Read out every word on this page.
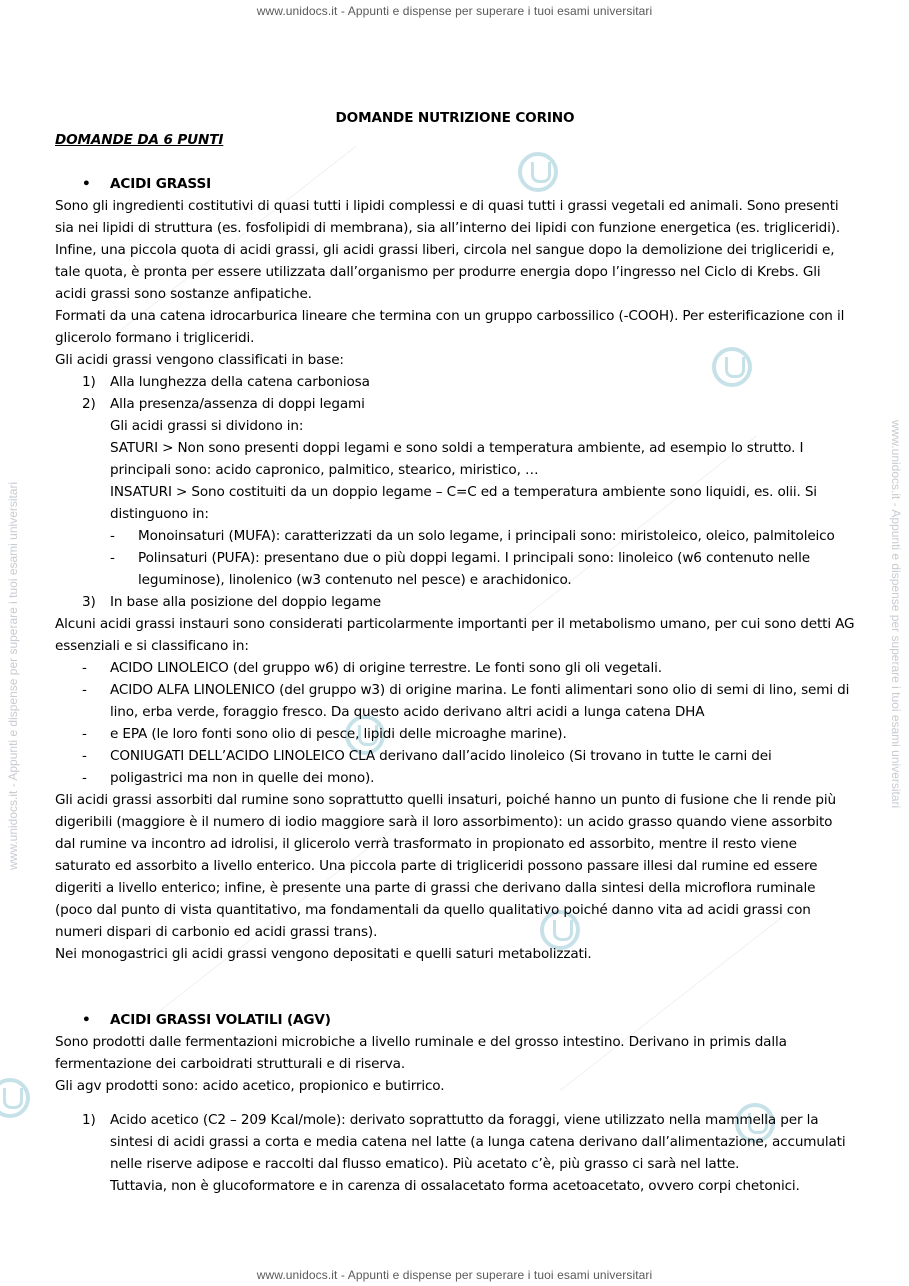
www.unidocs.it - Appunti e dispense per superare i tuoi esami universitari
www.unidocs.it - Appunti e dispense per superare i tuoi esami universitari
www.unidocs.it - Appunti e dispense per superare i tuoi esami universitari	www.unidocs.it - Appunti e dispense per superare i tuoi esami universitari

DOMANDE NUTRIZIONE CORINO

DOMANDE DA 6 PUNTI

•	ACIDI GRASSI

Sono gli ingredienti costitutivi di quasi tutti i lipidi complessi e di quasi tutti i grassi vegetali ed animali. Sono presenti sia nei lipidi di struttura (es. fosfolipidi di membrana), sia all’interno dei lipidi con funzione energetica (es. trigliceridi). Infine, una piccola quota di acidi grassi, gli acidi grassi liberi, circola nel sangue dopo la demolizione dei trigliceridi e, tale quota, è pronta per essere utilizzata dall’organismo per produrre energia dopo l’ingresso nel Ciclo di Krebs. Gli acidi grassi sono sostanze anfipatiche.

Formati da una catena idrocarburica lineare che termina con un gruppo carbossilico (-COOH). Per esterificazione con il glicerolo formano i trigliceridi.

Gli acidi grassi vengono classificati in base:

1)	Alla lunghezza della catena carboniosa
2)	Alla presenza/assenza di doppi legami

Gli acidi grassi si dividono in:

SATURI > Non sono presenti doppi legami e sono soldi a temperatura ambiente, ad esempio lo strutto. I principali sono: acido capronico, palmitico, stearico, miristico, …

INSATURI > Sono costituiti da un doppio legame – C=C ed a temperatura ambiente sono liquidi, es. olii. Si distinguono in:

-	Monoinsaturi (MUFA): caratterizzati da un solo legame, i principali sono: miristoleico, oleico, palmitoleico
-	Polinsaturi (PUFA): presentano due o più doppi legami. I principali sono: linoleico (w6 contenuto nelle leguminose), linolenico (w3 contenuto nel pesce) e arachidonico.
3)	In base alla posizione del doppio legame

Alcuni acidi grassi instauri sono considerati particolarmente importanti per il metabolismo umano, per cui sono detti AG essenziali e si classificano in:

-	ACIDO LINOLEICO (del gruppo w6) di origine terrestre. Le fonti sono gli oli vegetali.
-	ACIDO ALFA LINOLENICO (del gruppo w3) di origine marina. Le fonti alimentari sono olio di semi di lino, semi di lino, erba verde, foraggio fresco. Da questo acido derivano altri acidi a lunga catena DHA
-	e EPA (le loro fonti sono olio di pesce, lipidi delle microaghe marine).
-	CONIUGATI DELL’ACIDO LINOLEICO CLA derivano dall’acido linoleico (Si trovano in tutte le carni dei
-	poligastrici ma non in quelle dei mono).

Gli acidi grassi assorbiti dal rumine sono soprattutto quelli insaturi, poiché hanno un punto di fusione che li rende più digeribili (maggiore è il numero di iodio maggiore sarà il loro assorbimento): un acido grasso quando viene assorbito dal rumine va incontro ad idrolisi, il glicerolo verrà trasformato in propionato ed assorbito, mentre il resto viene saturato ed assorbito a livello enterico. Una piccola parte di trigliceridi possono passare illesi dal rumine ed essere digeriti a livello enterico; infine, è presente una parte di grassi che derivano dalla sintesi della microflora ruminale (poco dal punto di vista quantitativo, ma fondamentali da quello qualitativo poiché danno vita ad acidi grassi con numeri dispari di carbonio ed acidi grassi trans).

Nei monogastrici gli acidi grassi vengono depositati e quelli saturi metabolizzati.

•	ACIDI GRASSI VOLATILI (AGV)

Sono prodotti dalle fermentazioni microbiche a livello ruminale e del grosso intestino. Derivano in primis dalla fermentazione dei carboidrati strutturali e di riserva.

Gli agv prodotti sono: acido acetico, propionico e butirrico.

1)	Acido acetico (C2 – 209 Kcal/mole): derivato soprattutto da foraggi, viene utilizzato nella mammella per la sintesi di acidi grassi a corta e media catena nel latte (a lunga catena derivano dall’alimentazione, accumulati nelle riserve adipose e raccolti dal flusso ematico). Più acetato c’è, più grasso ci sarà nel latte.

Tuttavia, non è glucoformatore e in carenza di ossalacetato forma acetoacetato, ovvero corpi chetonici.
